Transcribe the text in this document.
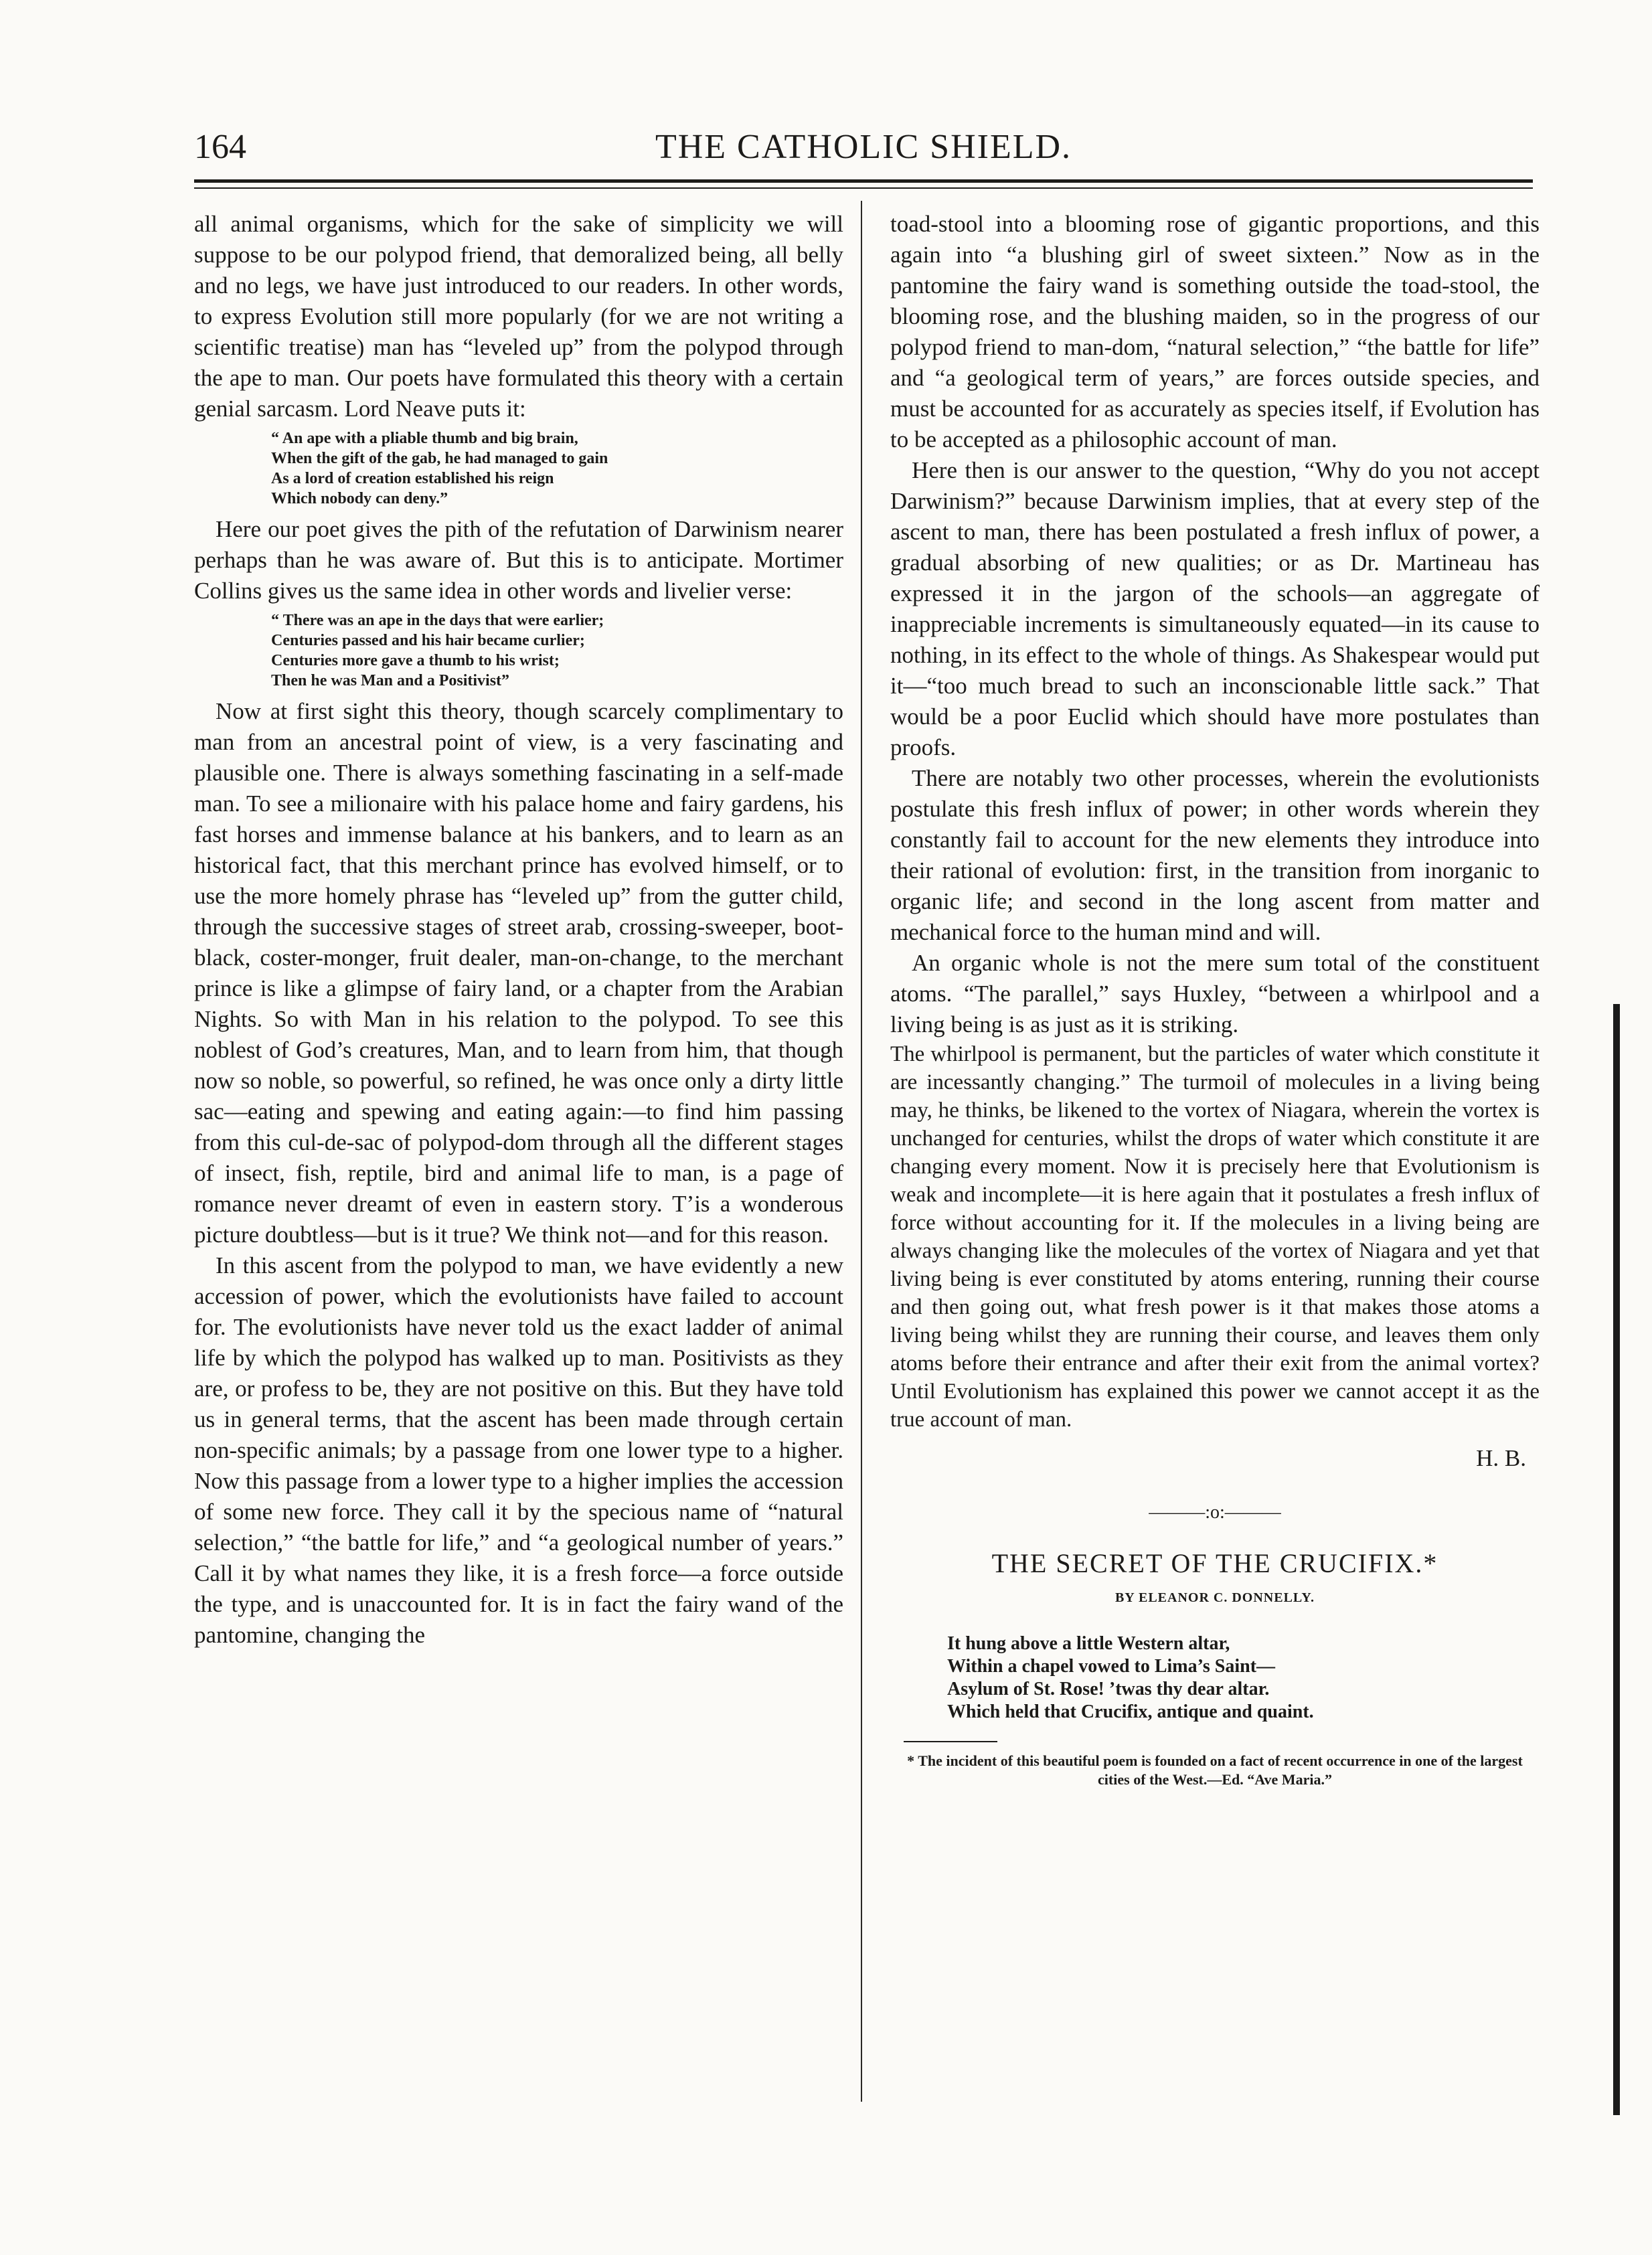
164	THE CATHOLIC SHIELD.

all animal organisms, which for the sake of simplicity we will suppose to be our polypod friend, that demoralized being, all belly and no legs, we have just introduced to our readers. In other words, to express Evolution still more popularly (for we are not writing a scientific treatise) man has “leveled up” from the polypod through the ape to man. Our poets have formulated this theory with a certain genial sarcasm. Lord Neave puts it:

“ An ape with a pliable thumb and big brain,
When the gift of the gab, he had managed to gain
As a lord of creation established his reign
Which nobody can deny.”

Here our poet gives the pith of the refutation of Darwinism nearer perhaps than he was aware of. But this is to anticipate. Mortimer Collins gives us the same idea in other words and livelier verse:

“ There was an ape in the days that were earlier;
Centuries passed and his hair became curlier;
Centuries more gave a thumb to his wrist;
Then he was Man and a Positivist”

Now at first sight this theory, though scarcely complimentary to man from an ancestral point of view, is a very fascinating and plausible one. There is always something fascinating in a self-made man. To see a milionaire with his palace home and fairy gardens, his fast horses and immense balance at his bankers, and to learn as an historical fact, that this merchant prince has evolved himself, or to use the more homely phrase has “leveled up” from the gutter child, through the successive stages of street arab, crossing-sweeper, boot-black, coster-monger, fruit dealer, man-on-change, to the merchant prince is like a glimpse of fairy land, or a chapter from the Arabian Nights. So with Man in his relation to the polypod. To see this noblest of God’s creatures, Man, and to learn from him, that though now so noble, so powerful, so refined, he was once only a dirty little sac—eating and spewing and eating again:—to find him passing from this cul-de-sac of polypod-dom through all the different stages of insect, fish, reptile, bird and animal life to man, is a page of romance never dreamt of even in eastern story. T’is a wonderous picture doubtless—but is it true? We think not—and for this reason.

In this ascent from the polypod to man, we have evidently a new accession of power, which the evolutionists have failed to account for. The evolutionists have never told us the exact ladder of animal life by which the polypod has walked up to man. Positivists as they are, or profess to be, they are not positive on this. But they have told us in general terms, that the ascent has been made through certain non-specific animals; by a passage from one lower type to a higher. Now this passage from a lower type to a higher implies the accession of some new force. They call it by the specious name of “natural selection,” “the battle for life,” and “a geological number of years.” Call it by what names they like, it is a fresh force—a force outside the type, and is unaccounted for. It is in fact the fairy wand of the pantomine, changing the

toad-stool into a blooming rose of gigantic proportions, and this again into “a blushing girl of sweet sixteen.” Now as in the pantomine the fairy wand is something outside the toad-stool, the blooming rose, and the blushing maiden, so in the progress of our polypod friend to man-dom, “natural selection,” “the battle for life” and “a geological term of years,” are forces outside species, and must be accounted for as accurately as species itself, if Evolution has to be accepted as a philosophic account of man.

Here then is our answer to the question, “Why do you not accept Darwinism?” because Darwinism implies, that at every step of the ascent to man, there has been postulated a fresh influx of power, a gradual absorbing of new qualities; or as Dr. Martineau has expressed it in the jargon of the schools—an aggregate of inappreciable increments is simultaneously equated—in its cause to nothing, in its effect to the whole of things. As Shakespear would put it—“too much bread to such an inconscionable little sack.” That would be a poor Euclid which should have more postulates than proofs.

There are notably two other processes, wherein the evolutionists postulate this fresh influx of power; in other words wherein they constantly fail to account for the new elements they introduce into their rational of evolution: first, in the transition from inorganic to organic life; and second in the long ascent from matter and mechanical force to the human mind and will.

An organic whole is not the mere sum total of the constituent atoms. “The parallel,” says Huxley, “between a whirlpool and a living being is as just as it is striking.

The whirlpool is permanent, but the particles of water which constitute it are incessantly changing.” The turmoil of molecules in a living being may, he thinks, be likened to the vortex of Niagara, wherein the vortex is unchanged for centuries, whilst the drops of water which constitute it are changing every moment. Now it is precisely here that Evolutionism is weak and incomplete—it is here again that it postulates a fresh influx of force without accounting for it. If the molecules in a living being are always changing like the molecules of the vortex of Niagara and yet that living being is ever constituted by atoms entering, running their course and then going out, what fresh power is it that makes those atoms a living being whilst they are running their course, and leaves them only atoms before their entrance and after their exit from the animal vortex? Until Evolutionism has explained this power we cannot accept it as the true account of man.

H. B.
———:o:———
THE SECRET OF THE CRUCIFIX.*
BY ELEANOR C. DONNELLY.
It hung above a little Western altar,
Within a chapel vowed to Lima’s Saint—
Asylum of St. Rose! ’twas thy dear altar.
Which held that Crucifix, antique and quaint.
* The incident of this beautiful poem is founded on a fact of recent occurrence in one of the largest cities of the West.—Ed. “Ave Maria.”
